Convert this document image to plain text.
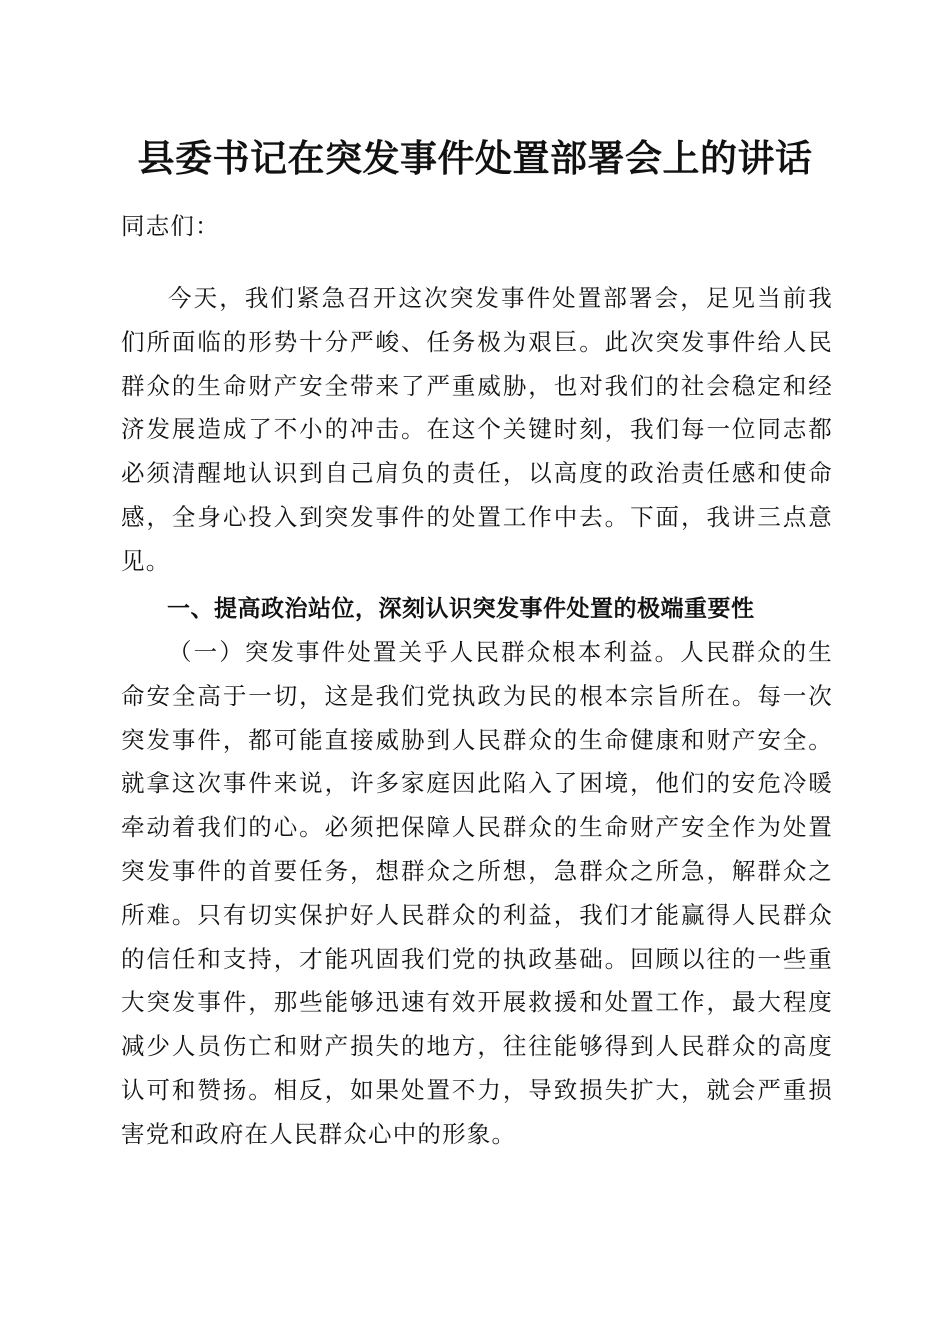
县委书记在突发事件处置部署会上的讲话

同志们：

今天，我们紧急召开这次突发事件处置部署会，足见当前我们所面临的形势十分严峻、任务极为艰巨。此次突发事件给人民群众的生命财产安全带来了严重威胁，也对我们的社会稳定和经济发展造成了不小的冲击。在这个关键时刻，我们每一位同志都必须清醒地认识到自己肩负的责任，以高度的政治责任感和使命感，全身心投入到突发事件的处置工作中去。下面，我讲三点意见。

一、提高政治站位，深刻认识突发事件处置的极端重要性

（一）突发事件处置关乎人民群众根本利益。人民群众的生命安全高于一切，这是我们党执政为民的根本宗旨所在。每一次突发事件，都可能直接威胁到人民群众的生命健康和财产安全。就拿这次事件来说，许多家庭因此陷入了困境，他们的安危冷暖牵动着我们的心。必须把保障人民群众的生命财产安全作为处置突发事件的首要任务，想群众之所想，急群众之所急，解群众之所难。只有切实保护好人民群众的利益，我们才能赢得人民群众的信任和支持，才能巩固我们党的执政基础。回顾以往的一些重大突发事件，那些能够迅速有效开展救援和处置工作，最大程度减少人员伤亡和财产损失的地方，往往能够得到人民群众的高度认可和赞扬。相反，如果处置不力，导致损失扩大，就会严重损害党和政府在人民群众心中的形象。
